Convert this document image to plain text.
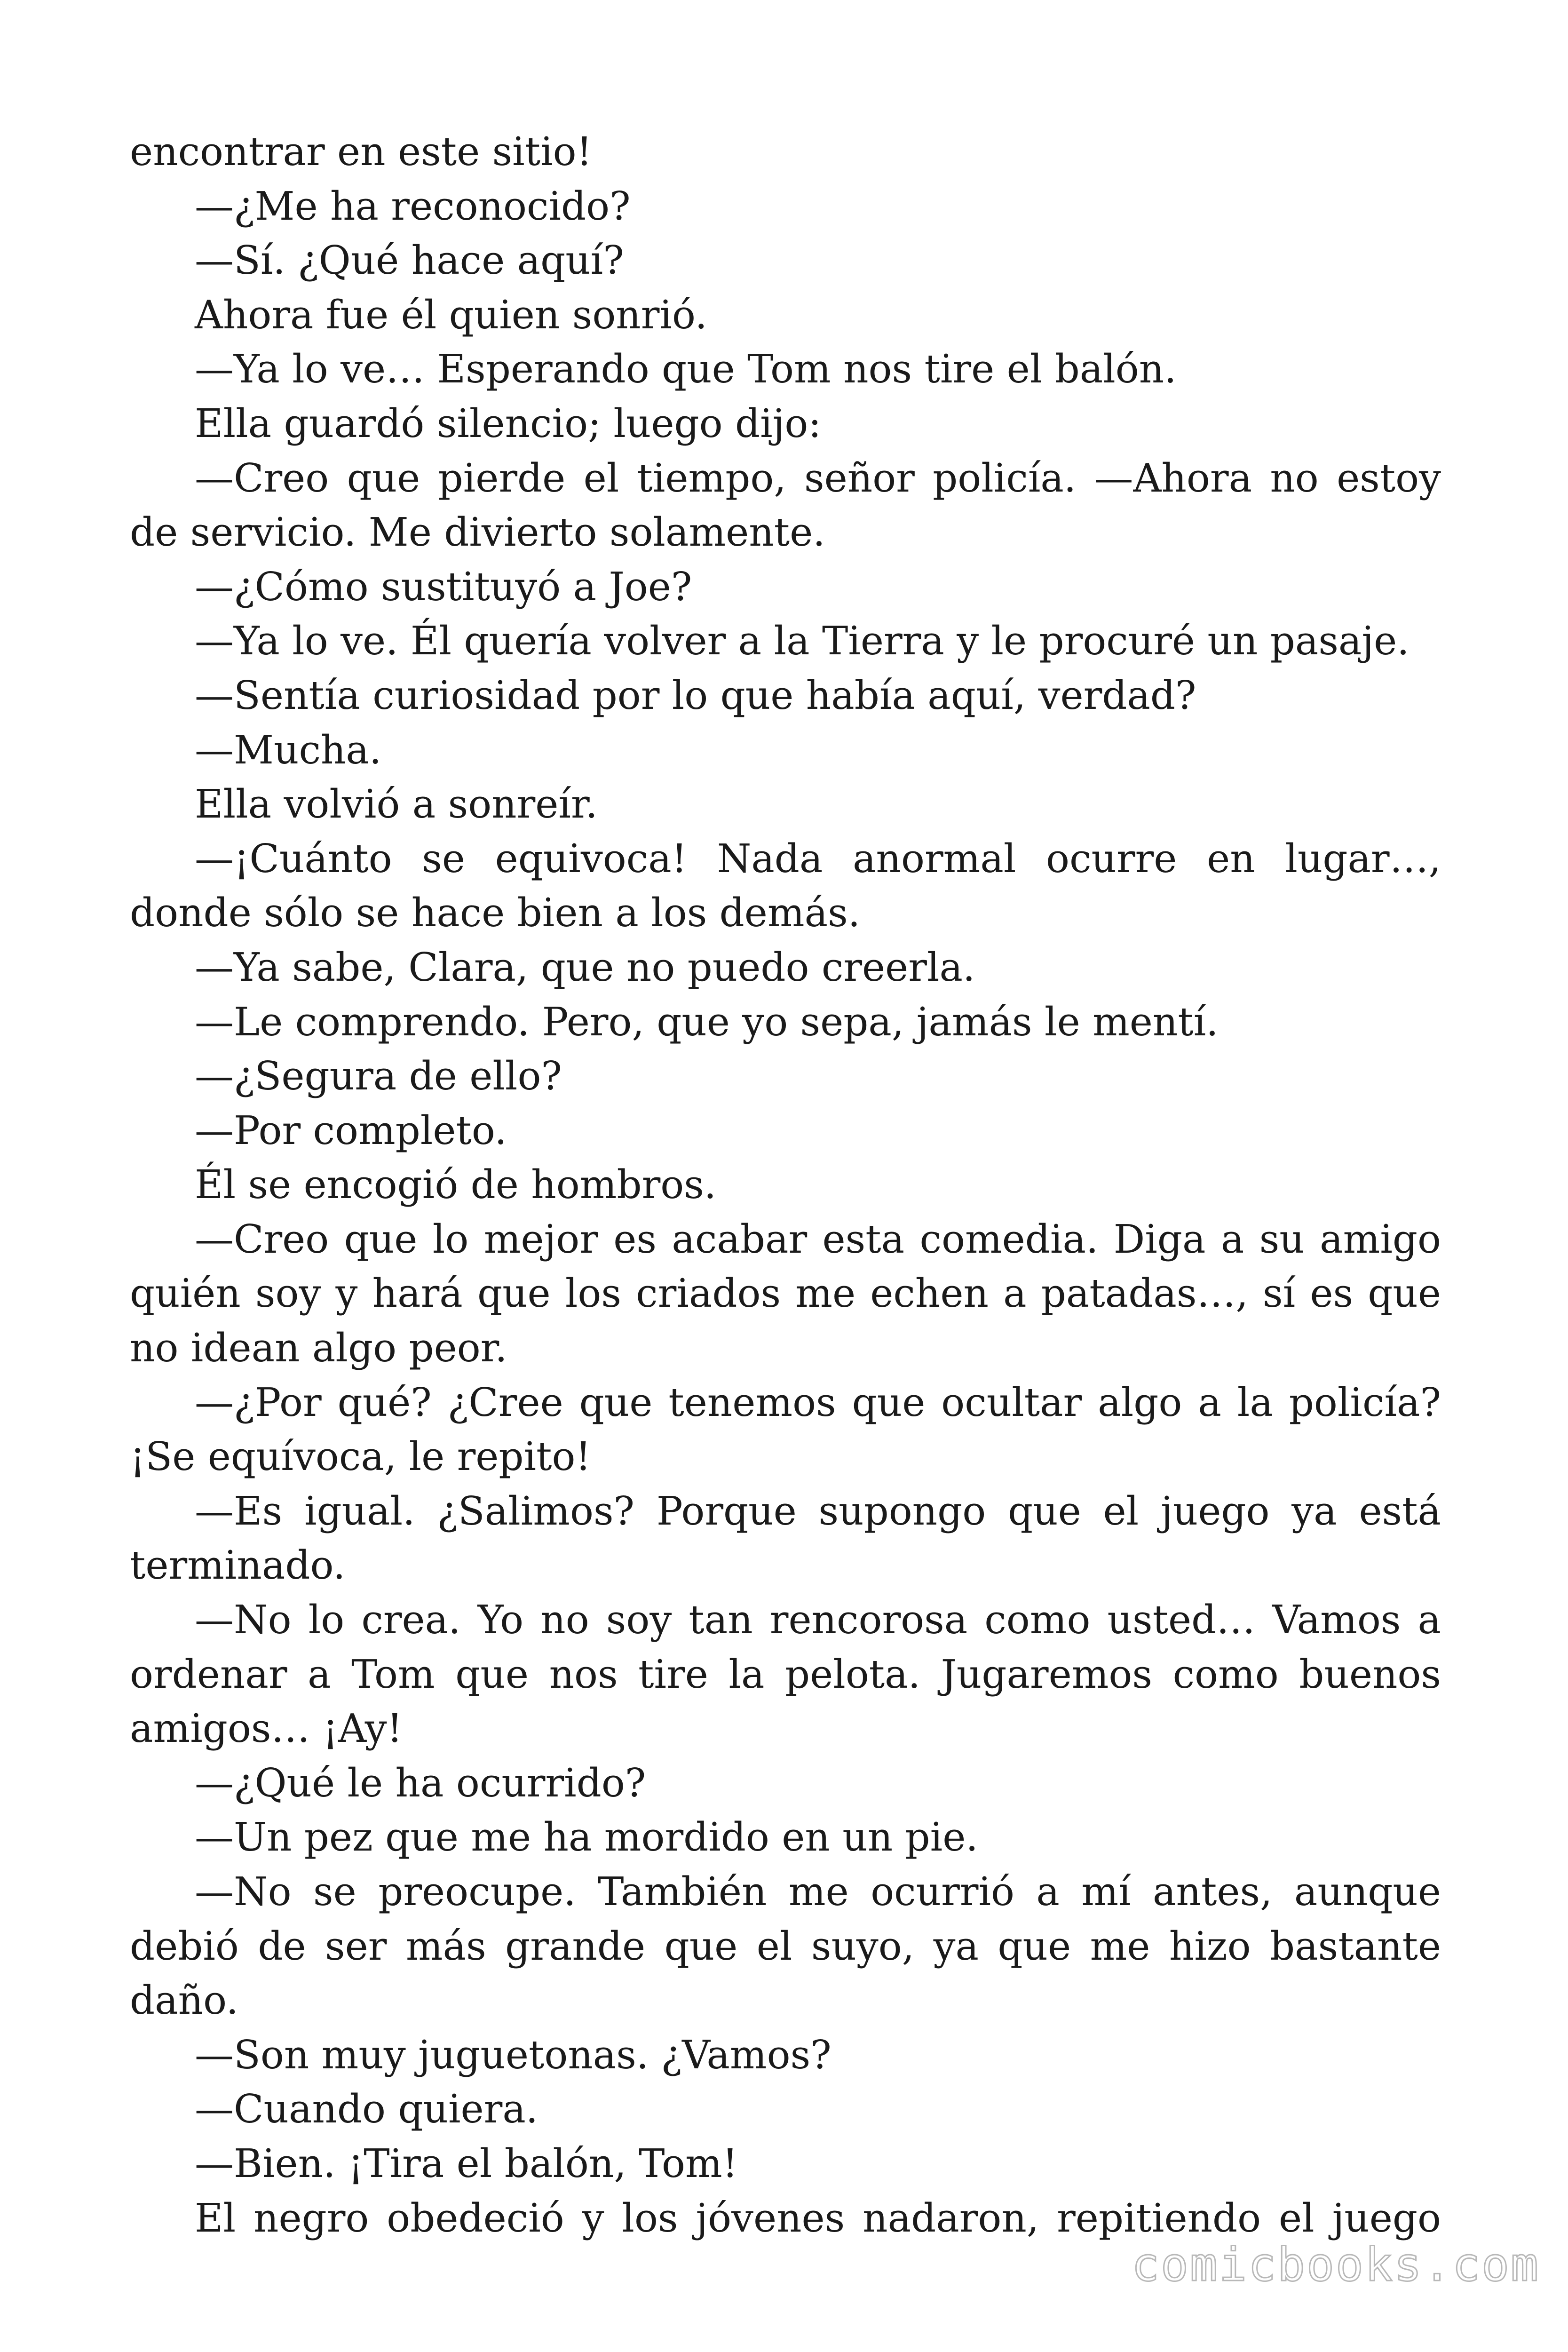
encontrar en este sitio!

—¿Me ha reconocido?

—Sí. ¿Qué hace aquí?

Ahora fue él quien sonrió.

—Ya lo ve… Esperando que Tom nos tire el balón.

Ella guardó silencio; luego dijo:

—Creo que pierde el tiempo, señor policía. —Ahora no estoy de servicio. Me divierto solamente.

—¿Cómo sustituyó a Joe?

—Ya lo ve. Él quería volver a la Tierra y le procuré un pasaje.

—Sentía curiosidad por lo que había aquí, verdad?

—Mucha.

Ella volvió a sonreír.

—¡Cuánto se equivoca! Nada anormal ocurre en lugar…, donde sólo se hace bien a los demás.

—Ya sabe, Clara, que no puedo creerla.

—Le comprendo. Pero, que yo sepa, jamás le mentí.

—¿Segura de ello?

—Por completo.

Él se encogió de hombros.

—Creo que lo mejor es acabar esta comedia. Diga a su amigo quién soy y hará que los criados me echen a patadas…, sí es que no idean algo peor.

—¿Por qué? ¿Cree que tenemos que ocultar algo a la policía? ¡Se equívoca, le repito!

—Es igual. ¿Salimos? Porque supongo que el juego ya está terminado.

—No lo crea. Yo no soy tan rencorosa como usted… Vamos a ordenar a Tom que nos tire la pelota. Jugaremos como buenos amigos… ¡Ay!

—¿Qué le ha ocurrido?

—Un pez que me ha mordido en un pie.

—No se preocupe. También me ocurrió a mí antes, aunque debió de ser más grande que el suyo, ya que me hizo bastante daño.

—Son muy juguetonas. ¿Vamos?

—Cuando quiera.

—Bien. ¡Tira el balón, Tom!

El negro obedeció y los jóvenes nadaron, repitiendo el juego

comicbooks.com
